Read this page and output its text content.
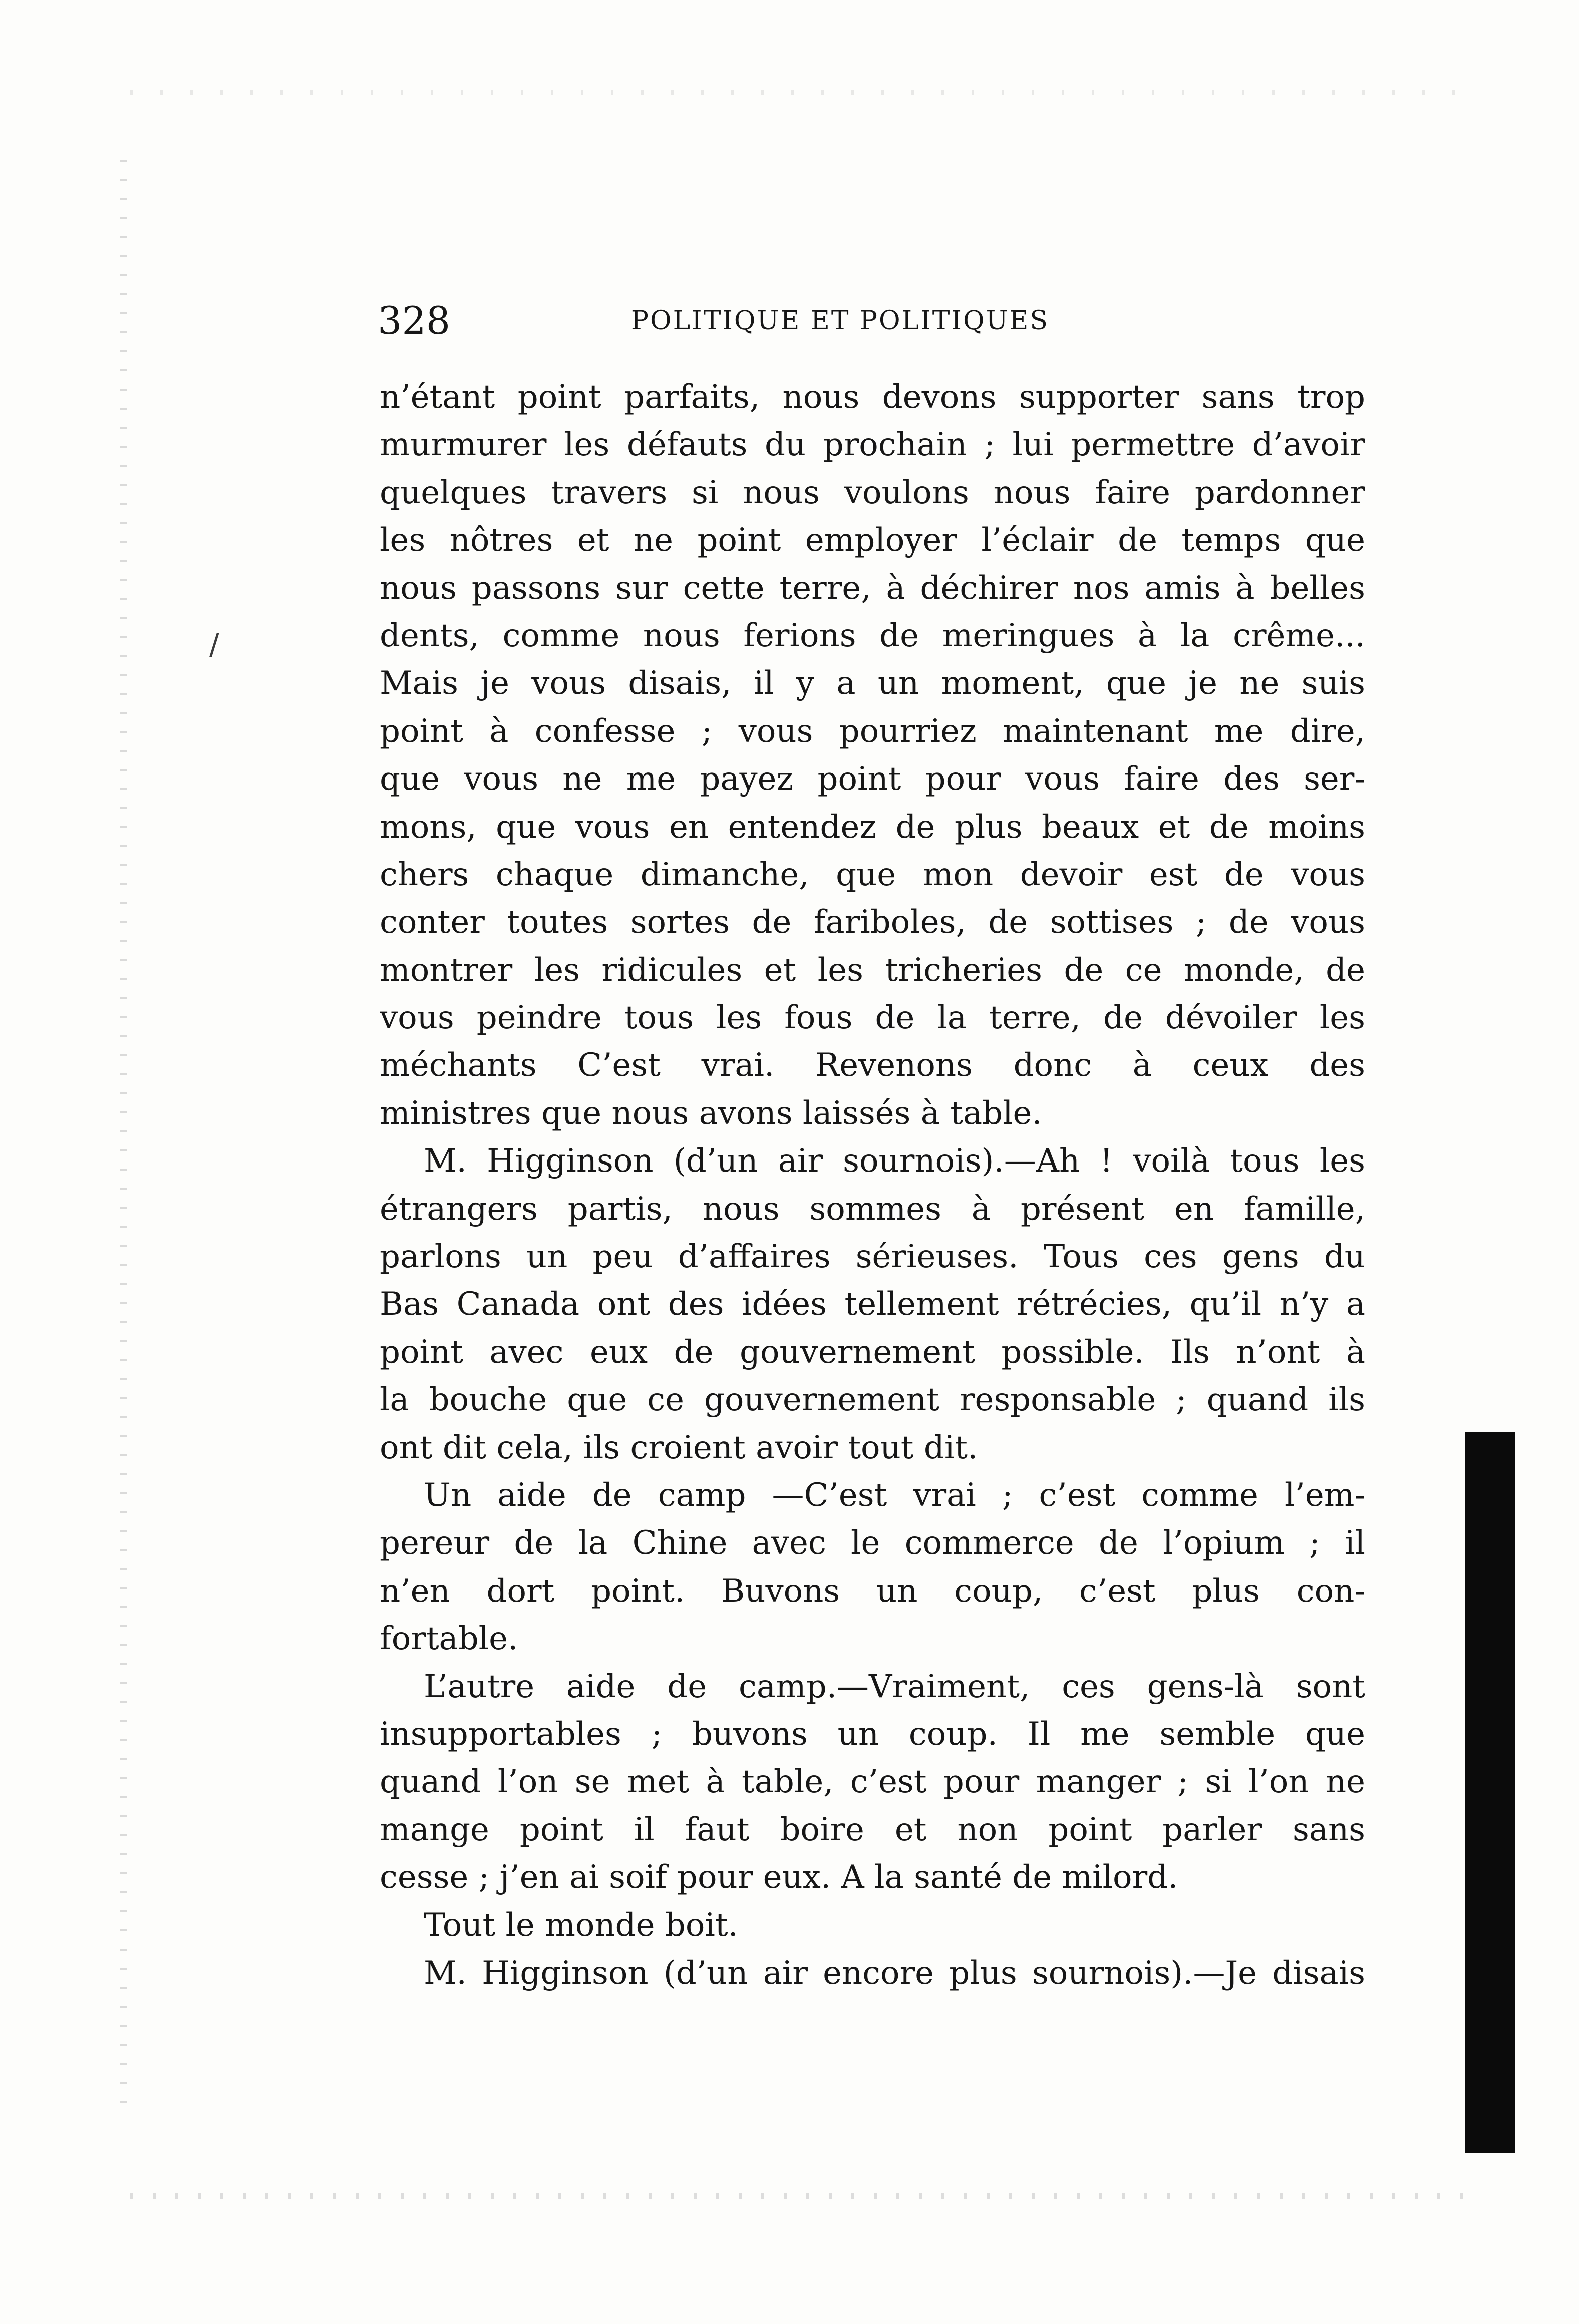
/
328	POLITIQUE ET POLITIQUES
n’étant point parfaits, nous devons supporter sans trop
murmurer les défauts du prochain ; lui permettre d’avoir
quelques travers si nous voulons nous faire pardonner
les nôtres et ne point employer l’éclair de temps que
nous passons sur cette terre, à déchirer nos amis à belles
dents, comme nous ferions de meringues à la crême...
Mais je vous disais, il y a un moment, que je ne suis
point à confesse ; vous pourriez maintenant me dire,
que vous ne me payez point pour vous faire des ser-
mons, que vous en entendez de plus beaux et de moins
chers chaque dimanche, que mon devoir est de vous
conter toutes sortes de fariboles, de sottises ; de vous
montrer les ridicules et les tricheries de ce monde, de
vous peindre tous les fous de la terre, de dévoiler les
méchants C’est vrai. Revenons donc à ceux des
ministres que nous avons laissés à table.
M. Higginson (d’un air sournois).—Ah ! voilà tous les
étrangers partis, nous sommes à présent en famille,
parlons un peu d’affaires sérieuses. Tous ces gens du
Bas Canada ont des idées tellement rétrécies, qu’il n’y a
point avec eux de gouvernement possible. Ils n’ont à
la bouche que ce gouvernement responsable ; quand ils
ont dit cela, ils croient avoir tout dit.
Un aide de camp —C’est vrai ; c’est comme l’em-
pereur de la Chine avec le commerce de l’opium ; il
n’en dort point. Buvons un coup, c’est plus con-
fortable.
L’autre aide de camp.—Vraiment, ces gens-là sont
insupportables ; buvons un coup. Il me semble que
quand l’on se met à table, c’est pour manger ; si l’on ne
mange point il faut boire et non point parler sans
cesse ; j’en ai soif pour eux. A la santé de milord.
Tout le monde boit.
M. Higginson (d’un air encore plus sournois).—Je disais
